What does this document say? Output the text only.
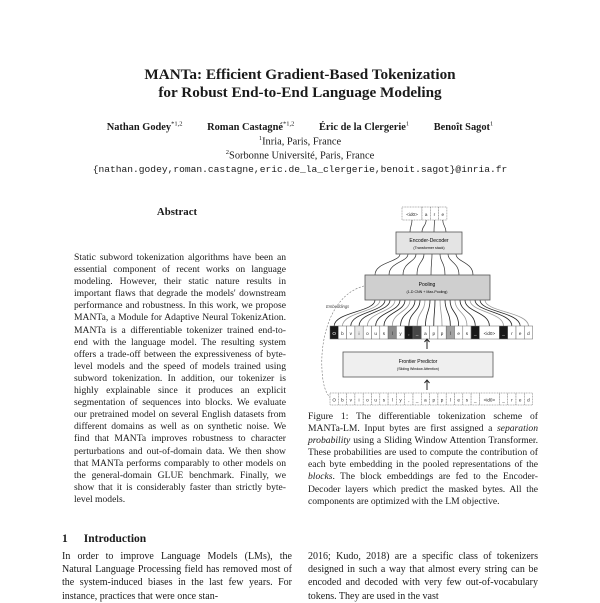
MANTa: Efficient Gradient-Based Tokenization
for Robust End-to-End Language Modeling
Nathan Godey$^{*1,2}$ Roman Castagné$^{*1,2}$ Éric de la Clergerie$^1$ Benoît Sagot$^1$
$^1$Inria, Paris, France
$^2$Sorbonne Université, Paris, France
{nathan.godey,roman.castagne,eric.de_la_clergerie,benoit.sagot}@inria.fr
Abstract
Static subword tokenization algorithms have been an essential component of recent works on language modeling. However, their static nature results in important flaws that degrade the models' downstream performance and robustness. In this work, we propose MANTa, a Module for Adaptive Neural TokenizAtion. MANTa is a differentiable tokenizer trained end-to-end with the language model. The resulting system offers a trade-off between the expressiveness of byte-level models and the speed of models trained using subword tokenization. In addition, our tokenizer is highly explainable since it produces an explicit segmentation of sequences into blocks. We evaluate our pretrained model on several English datasets from different domains as well as on synthetic noise. We find that MANTa improves robustness to character perturbations and out-of-domain data. We then show that MANTa performs comparably to other models on the general-domain GLUE benchmark. Finally, we show that it is considerably faster than strictly byte-level models.
1 Introduction
In order to improve Language Models (LMs), the Natural Language Processing field has removed most of the system-induced biases in the last few years. For instance, practices that were once stan-
<id0> a r e
Encoder-Decoder
(Transformer stack)
Pooling
(1-D CNN + Max-Pooling)
Embeddings
O b v i o u s l y , _ a p p l e s _ <id0> _ r e d
Frontier Predictor
(Sliding Window Attention)
O b v i o u s l y , _ a p p l e s _ <id0> _ r e d
Figure 1: The differentiable tokenization scheme of MANTa-LM. Input bytes are first assigned a separation probability using a Sliding Window Attention Transformer. These probabilities are used to compute the contribution of each byte embedding in the pooled representations of the blocks. The block embeddings are fed to the Encoder-Decoder layers which predict the masked bytes. All the components are optimized with the LM objective.
2016; Kudo, 2018) are a specific class of tokenizers designed in such a way that almost every string can be encoded and decoded with very few out-of-vocabulary tokens. They are used in the vast
